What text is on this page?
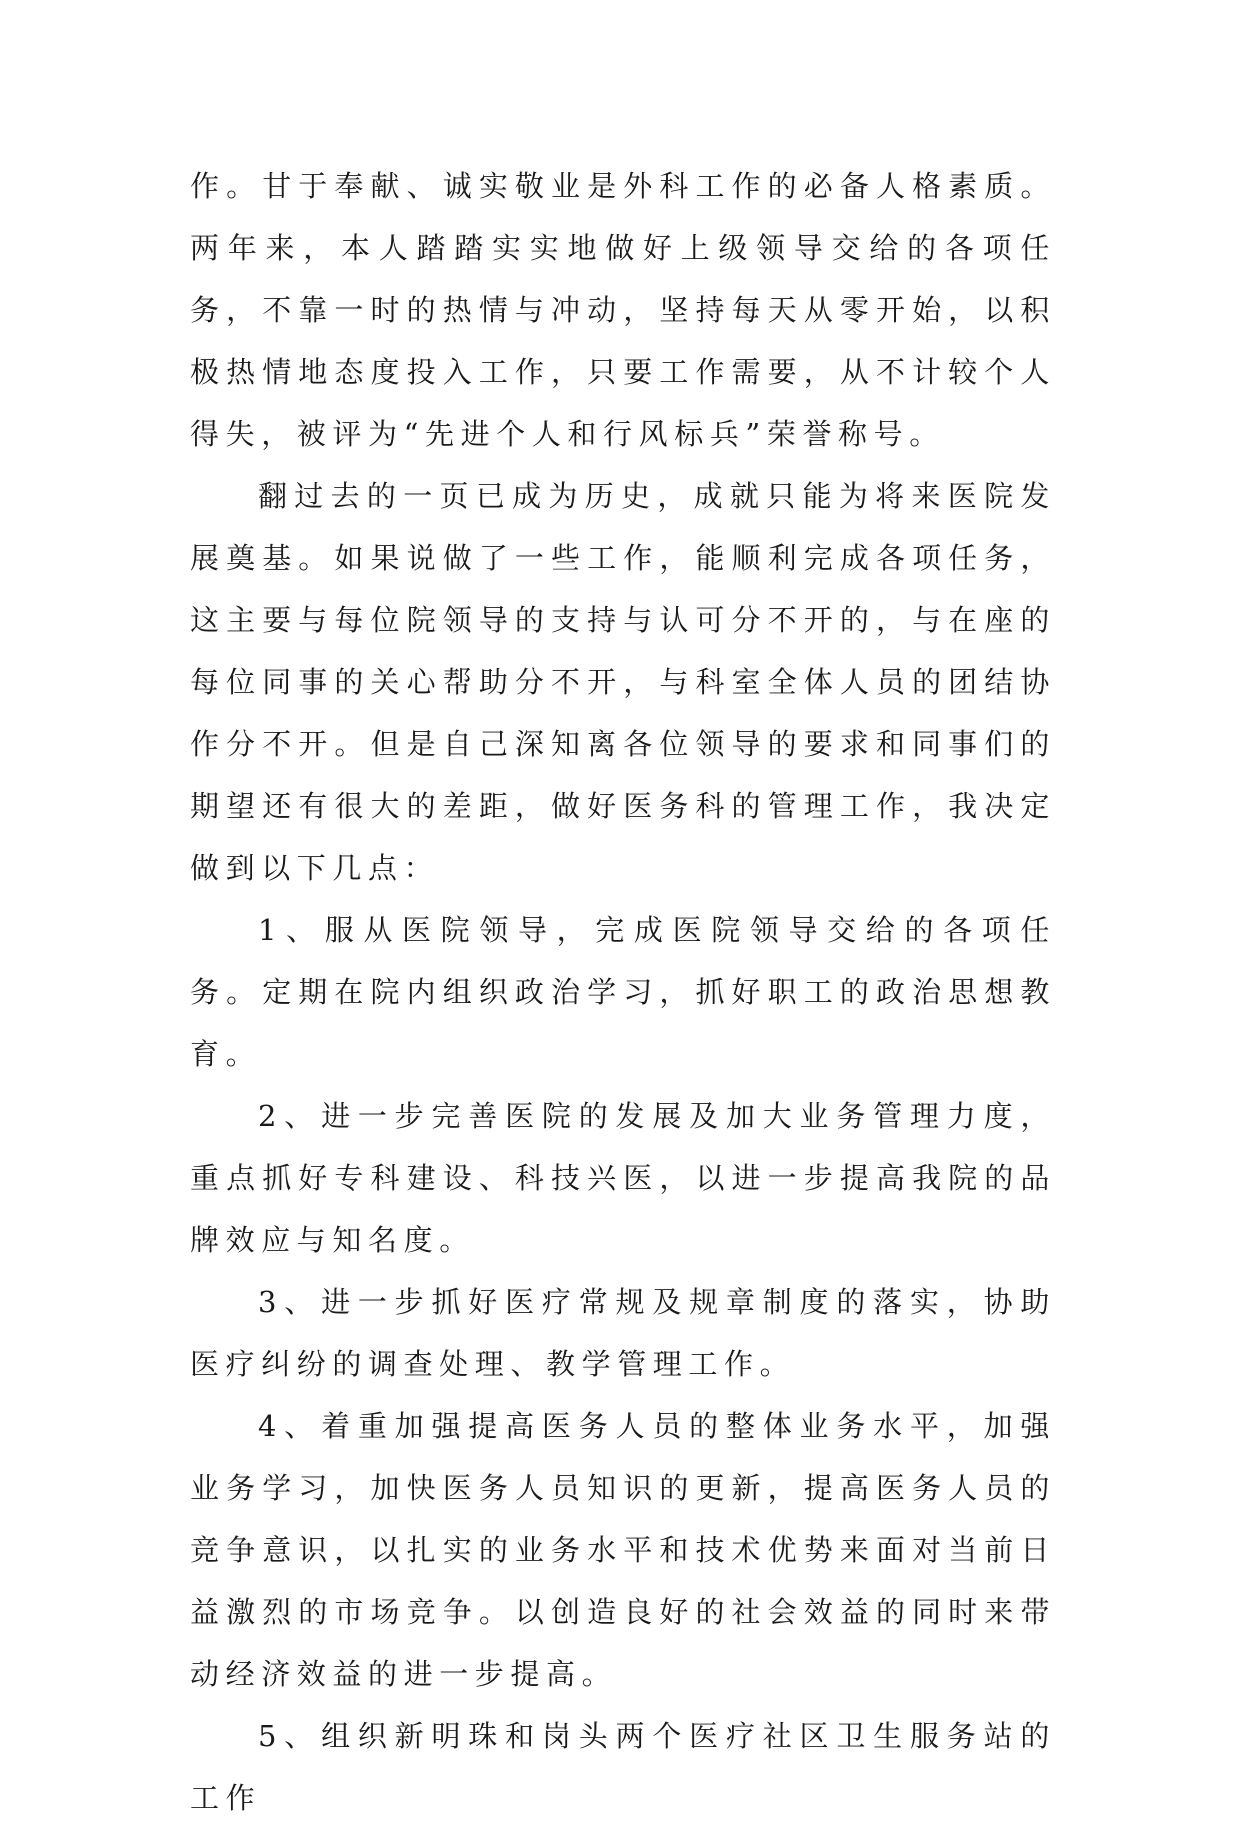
作。甘于奉献、诚实敬业是外科工作的必备人格素质。两年来，本人踏踏实实地做好上级领导交给的各项任务，不靠一时的热情与冲动，坚持每天从零开始，以积极热情地态度投入工作，只要工作需要，从不计较个人得失，被评为“先进个人和行风标兵”荣誉称号。

翻过去的一页已成为历史，成就只能为将来医院发展奠基。如果说做了一些工作，能顺利完成各项任务，这主要与每位院领导的支持与认可分不开的，与在座的每位同事的关心帮助分不开，与科室全体人员的团结协作分不开。但是自己深知离各位领导的要求和同事们的期望还有很大的差距，做好医务科的管理工作，我决定做到以下几点：

1、服从医院领导，完成医院领导交给的各项任务。定期在院内组织政治学习，抓好职工的政治思想教育。

2、进一步完善医院的发展及加大业务管理力度，重点抓好专科建设、科技兴医，以进一步提高我院的品牌效应与知名度。

3、进一步抓好医疗常规及规章制度的落实，协助医疗纠纷的调查处理、教学管理工作。

4、着重加强提高医务人员的整体业务水平，加强业务学习，加快医务人员知识的更新，提高医务人员的竞争意识，以扎实的业务水平和技术优势来面对当前日益激烈的市场竞争。以创造良好的社会效益的同时来带动经济效益的进一步提高。

5、组织新明珠和岗头两个医疗社区卫生服务站的工作
